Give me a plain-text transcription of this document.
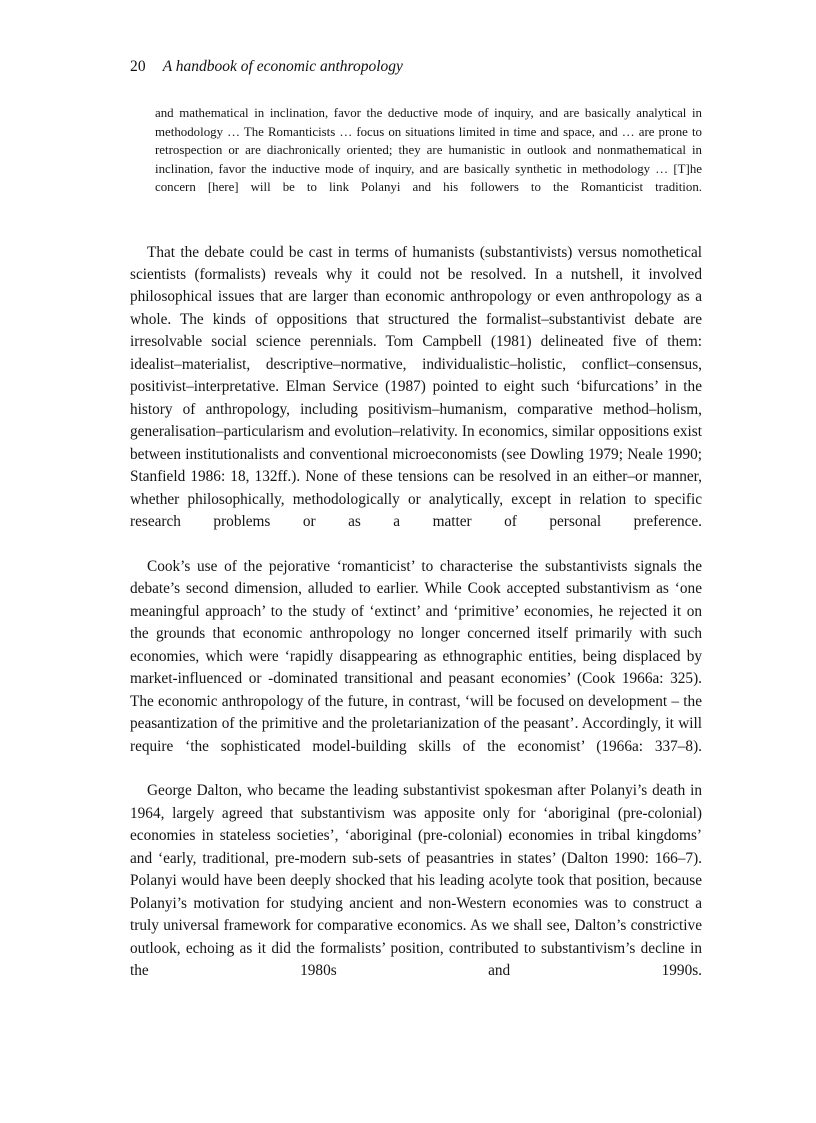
20 A handbook of economic anthropology

and mathematical in inclination, favor the deductive mode of inquiry, and are basically analytical in methodology … The Romanticists … focus on situations limited in time and space, and … are prone to retrospection or are diachronically oriented; they are humanistic in outlook and nonmathematical in inclination, favor the inductive mode of inquiry, and are basically synthetic in methodology … [T]he concern [here] will be to link Polanyi and his followers to the Romanticist tradition.

That the debate could be cast in terms of humanists (substantivists) versus nomothetical scientists (formalists) reveals why it could not be resolved. In a nutshell, it involved philosophical issues that are larger than economic anthropology or even anthropology as a whole. The kinds of oppositions that structured the formalist–substantivist debate are irresolvable social science perennials. Tom Campbell (1981) delineated five of them: idealist–materialist, descriptive–normative, individualistic–holistic, conflict–consensus, positivist–interpretative. Elman Service (1987) pointed to eight such ‘bifurcations’ in the history of anthropology, including positivism–humanism, comparative method–holism, generalisation–particularism and evolution–relativity. In economics, similar oppositions exist between institutionalists and conventional microeconomists (see Dowling 1979; Neale 1990; Stanfield 1986: 18, 132ff.). None of these tensions can be resolved in an either–or manner, whether philosophically, methodologically or analytically, except in relation to specific research problems or as a matter of personal preference.

Cook’s use of the pejorative ‘romanticist’ to characterise the substantivists signals the debate’s second dimension, alluded to earlier. While Cook accepted substantivism as ‘one meaningful approach’ to the study of ‘extinct’ and ‘primitive’ economies, he rejected it on the grounds that economic anthropology no longer concerned itself primarily with such economies, which were ‘rapidly disappearing as ethnographic entities, being displaced by market-influenced or -dominated transitional and peasant economies’ (Cook 1966a: 325). The economic anthropology of the future, in contrast, ‘will be focused on development – the peasantization of the primitive and the proletarianization of the peasant’. Accordingly, it will require ‘the sophisticated model-building skills of the economist’ (1966a: 337–8).

George Dalton, who became the leading substantivist spokesman after Polanyi’s death in 1964, largely agreed that substantivism was apposite only for ‘aboriginal (pre-colonial) economies in stateless societies’, ‘aboriginal (pre-colonial) economies in tribal kingdoms’ and ‘early, traditional, pre-modern sub-sets of peasantries in states’ (Dalton 1990: 166–7). Polanyi would have been deeply shocked that his leading acolyte took that position, because Polanyi’s motivation for studying ancient and non-Western economies was to construct a truly universal framework for comparative economics. As we shall see, Dalton’s constrictive outlook, echoing as it did the formalists’ position, contributed to substantivism’s decline in the 1980s and 1990s.
